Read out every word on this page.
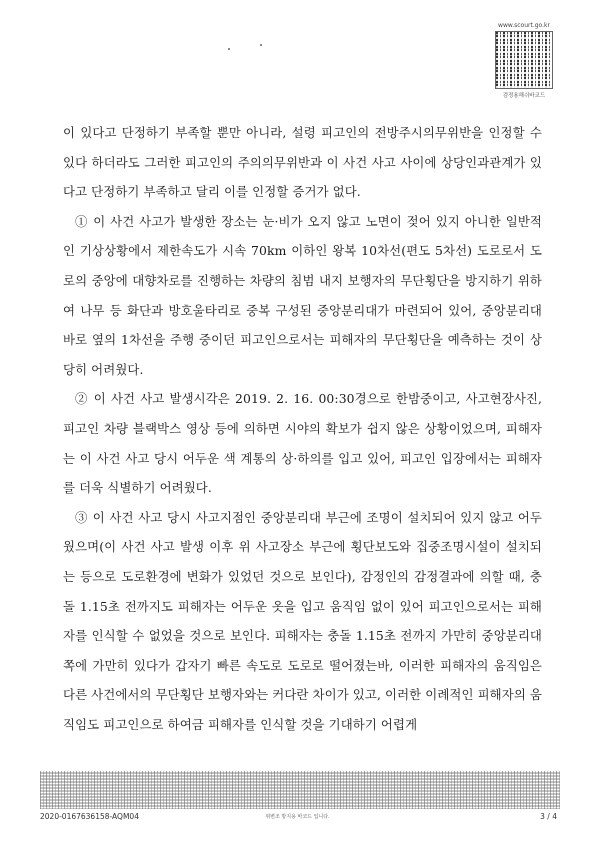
www.scourt.go.kr
검정용해쉬바코드

이 있다고 단정하기 부족할 뿐만 아니라, 설령 피고인의 전방주시의무위반을 인정할 수 있다 하더라도 그러한 피고인의 주의의무위반과 이 사건 사고 사이에 상당인과관계가 있다고 단정하기 부족하고 달리 이를 인정할 증거가 없다.

① 이 사건 사고가 발생한 장소는 눈·비가 오지 않고 노면이 젖어 있지 아니한 일반적인 기상상황에서 제한속도가 시속 70km 이하인 왕복 10차선(편도 5차선) 도로로서 도로의 중앙에 대향차로를 진행하는 차량의 침범 내지 보행자의 무단횡단을 방지하기 위하여 나무 등 화단과 방호울타리로 중복 구성된 중앙분리대가 마련되어 있어, 중앙분리대 바로 옆의 1차선을 주행 중이던 피고인으로서는 피해자의 무단횡단을 예측하는 것이 상당히 어려웠다.

② 이 사건 사고 발생시각은 2019. 2. 16. 00:30경으로 한밤중이고, 사고현장사진, 피고인 차량 블랙박스 영상 등에 의하면 시야의 확보가 쉽지 않은 상황이었으며, 피해자는 이 사건 사고 당시 어두운 색 계통의 상·하의를 입고 있어, 피고인 입장에서는 피해자를 더욱 식별하기 어려웠다.

③ 이 사건 사고 당시 사고지점인 중앙분리대 부근에 조명이 설치되어 있지 않고 어두웠으며(이 사건 사고 발생 이후 위 사고장소 부근에 횡단보도와 집중조명시설이 설치되는 등으로 도로환경에 변화가 있었던 것으로 보인다), 감정인의 감정결과에 의할 때, 충돌 1.15초 전까지도 피해자는 어두운 옷을 입고 움직임 없이 있어 피고인으로서는 피해자를 인식할 수 없었을 것으로 보인다. 피해자는 충돌 1.15초 전까지 가만히 중앙분리대 쪽에 가만히 있다가 갑자기 빠른 속도로 도로로 떨어졌는바, 이러한 피해자의 움직임은 다른 사건에서의 무단횡단 보행자와는 커다란 차이가 있고, 이러한 이례적인 피해자의 움직임도 피고인으로 하여금 피해자를 인식할 것을 기대하기 어렵게

2020-0167636158-AQM04	위변조 방지용 바코드 입니다.	3 / 4
